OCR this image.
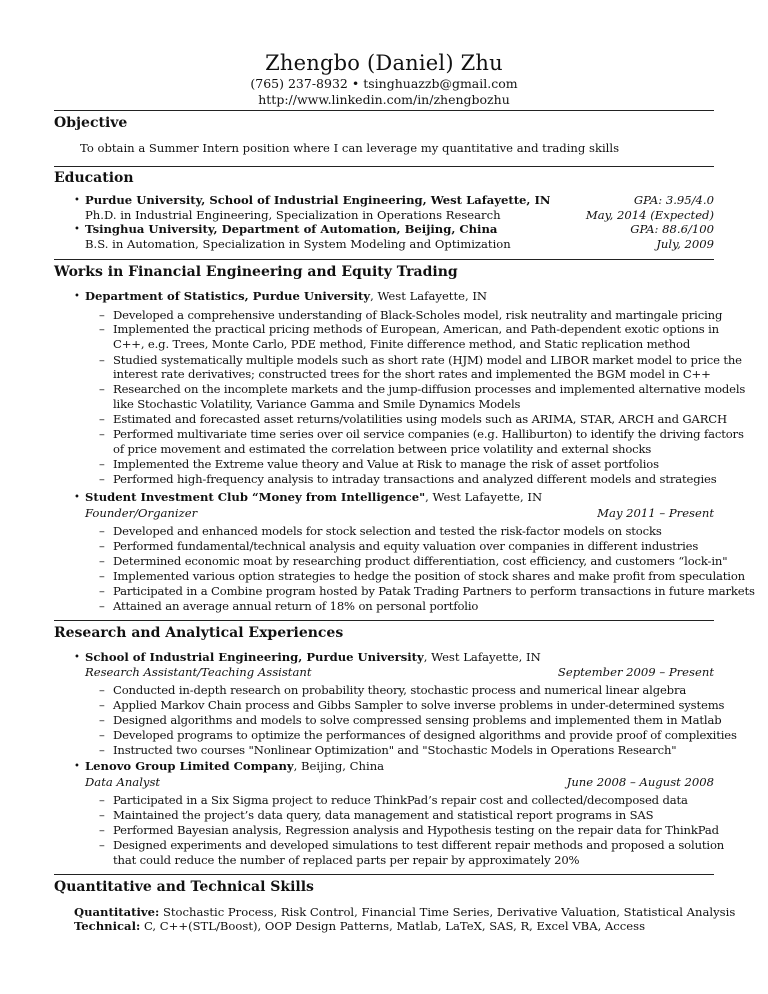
Zhengbo (Daniel) Zhu
(765) 237-8932 • tsinghuazzb@gmail.com
http://www.linkedin.com/in/zhengbozhu
Objective
To obtain a Summer Intern position where I can leverage my quantitative and trading skills
Education
• Purdue University, School of Industrial Engineering, West Lafayette, IN	GPA: 3.95/4.0
Ph.D. in Industrial Engineering, Specialization in Operations Research	May, 2014 (Expected)
• Tsinghua University, Department of Automation, Beijing, China	GPA: 88.6/100
B.S. in Automation, Specialization in System Modeling and Optimization	July, 2009
Works in Financial Engineering and Equity Trading
• Department of Statistics, Purdue University, West Lafayette, IN
– Developed a comprehensive understanding of Black-Scholes model, risk neutrality and martingale pricing
– Implemented the practical pricing methods of European, American, and Path-dependent exotic options in
C++, e.g. Trees, Monte Carlo, PDE method, Finite difference method, and Static replication method
– Studied systematically multiple models such as short rate (HJM) model and LIBOR market model to price the
interest rate derivatives; constructed trees for the short rates and implemented the BGM model in C++
– Researched on the incomplete markets and the jump-diffusion processes and implemented alternative models
like Stochastic Volatility, Variance Gamma and Smile Dynamics Models
– Estimated and forecasted asset returns/volatilities using models such as ARIMA, STAR, ARCH and GARCH
– Performed multivariate time series over oil service companies (e.g. Halliburton) to identify the driving factors
of price movement and estimated the correlation between price volatility and external shocks
– Implemented the Extreme value theory and Value at Risk to manage the risk of asset portfolios
– Performed high-frequency analysis to intraday transactions and analyzed different models and strategies
• Student Investment Club “Money from Intelligence", West Lafayette, IN
Founder/Organizer	May 2011 – Present
– Developed and enhanced models for stock selection and tested the risk-factor models on stocks
– Performed fundamental/technical analysis and equity valuation over companies in different industries
– Determined economic moat by researching product differentiation, cost efficiency, and customers “lock-in"
– Implemented various option strategies to hedge the position of stock shares and make profit from speculation
– Participated in a Combine program hosted by Patak Trading Partners to perform transactions in future markets
– Attained an average annual return of 18% on personal portfolio
Research and Analytical Experiences
• School of Industrial Engineering, Purdue University, West Lafayette, IN
Research Assistant/Teaching Assistant	September 2009 – Present
– Conducted in-depth research on probability theory, stochastic process and numerical linear algebra
– Applied Markov Chain process and Gibbs Sampler to solve inverse problems in under-determined systems
– Designed algorithms and models to solve compressed sensing problems and implemented them in Matlab
– Developed programs to optimize the performances of designed algorithms and provide proof of complexities
– Instructed two courses "Nonlinear Optimization" and "Stochastic Models in Operations Research"
• Lenovo Group Limited Company, Beijing, China
Data Analyst	June 2008 – August 2008
– Participated in a Six Sigma project to reduce ThinkPad’s repair cost and collected/decomposed data
– Maintained the project’s data query, data management and statistical report programs in SAS
– Performed Bayesian analysis, Regression analysis and Hypothesis testing on the repair data for ThinkPad
– Designed experiments and developed simulations to test different repair methods and proposed a solution
that could reduce the number of replaced parts per repair by approximately 20%
Quantitative and Technical Skills
Quantitative: Stochastic Process, Risk Control, Financial Time Series, Derivative Valuation, Statistical Analysis
Technical: C, C++(STL/Boost), OOP Design Patterns, Matlab, LaTeX, SAS, R, Excel VBA, Access
